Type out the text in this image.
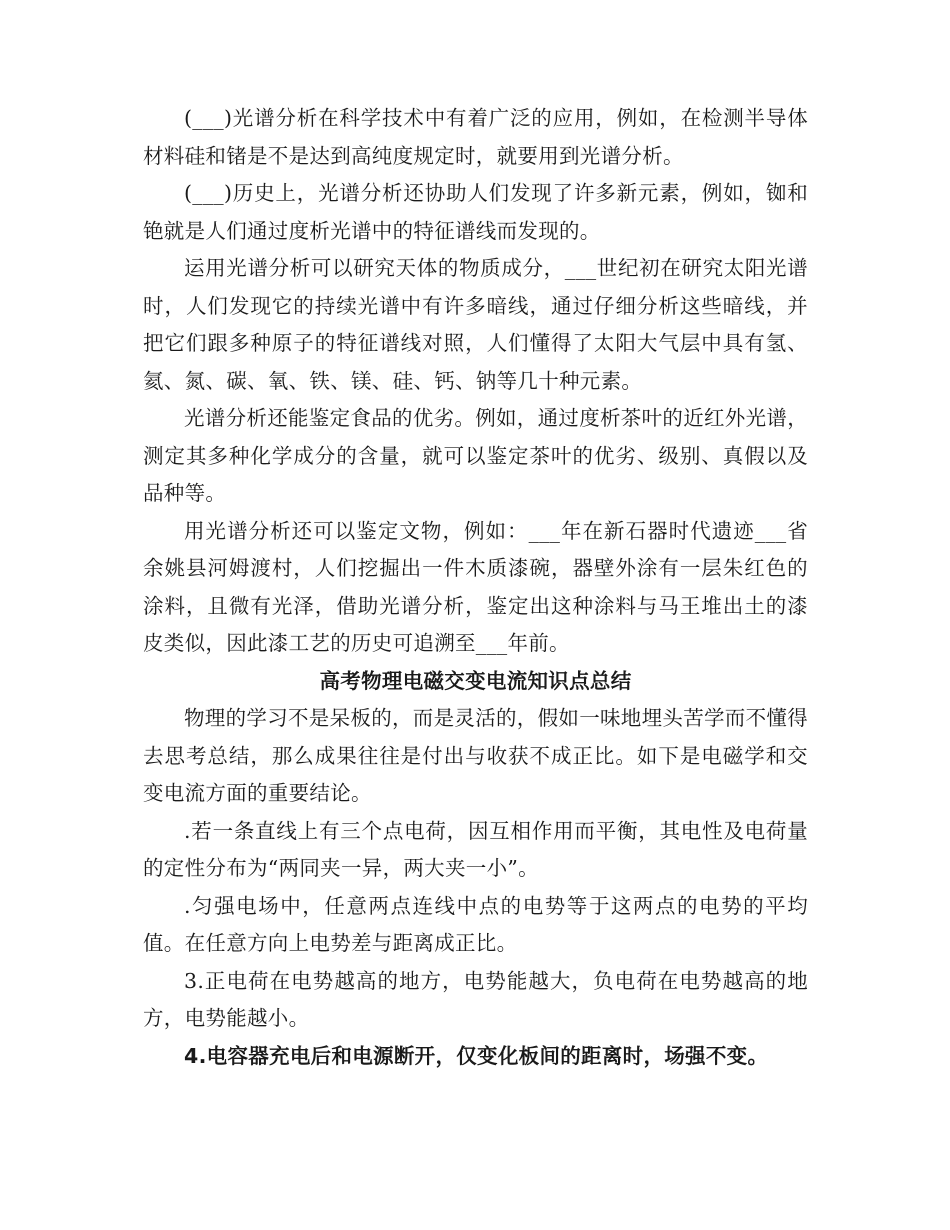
(___)光谱分析在科学技术中有着广泛的应用，例如，在检测半导体材料硅和锗是不是达到高纯度规定时，就要用到光谱分析。

(___)历史上，光谱分析还协助人们发现了许多新元素，例如，铷和铯就是人们通过度析光谱中的特征谱线而发现的。

运用光谱分析可以研究天体的物质成分，___世纪初在研究太阳光谱时，人们发现它的持续光谱中有许多暗线，通过仔细分析这些暗线，并把它们跟多种原子的特征谱线对照，人们懂得了太阳大气层中具有氢、氦、氮、碳、氧、铁、镁、硅、钙、钠等几十种元素。

光谱分析还能鉴定食品的优劣。例如，通过度析茶叶的近红外光谱，测定其多种化学成分的含量，就可以鉴定茶叶的优劣、级别、真假以及品种等。

用光谱分析还可以鉴定文物，例如：___年在新石器时代遗迹___省余姚县河姆渡村，人们挖掘出一件木质漆碗，器壁外涂有一层朱红色的涂料，且微有光泽，借助光谱分析，鉴定出这种涂料与马王堆出土的漆皮类似，因此漆工艺的历史可追溯至___年前。

高考物理电磁交变电流知识点总结

物理的学习不是呆板的，而是灵活的，假如一味地埋头苦学而不懂得去思考总结，那么成果往往是付出与收获不成正比。如下是电磁学和交变电流方面的重要结论。

.若一条直线上有三个点电荷，因互相作用而平衡，其电性及电荷量的定性分布为“两同夹一异，两大夹一小”。

.匀强电场中，任意两点连线中点的电势等于这两点的电势的平均值。在任意方向上电势差与距离成正比。

3.正电荷在电势越高的地方，电势能越大，负电荷在电势越高的地方，电势能越小。

4.电容器充电后和电源断开，仅变化板间的距离时，场强不变。
